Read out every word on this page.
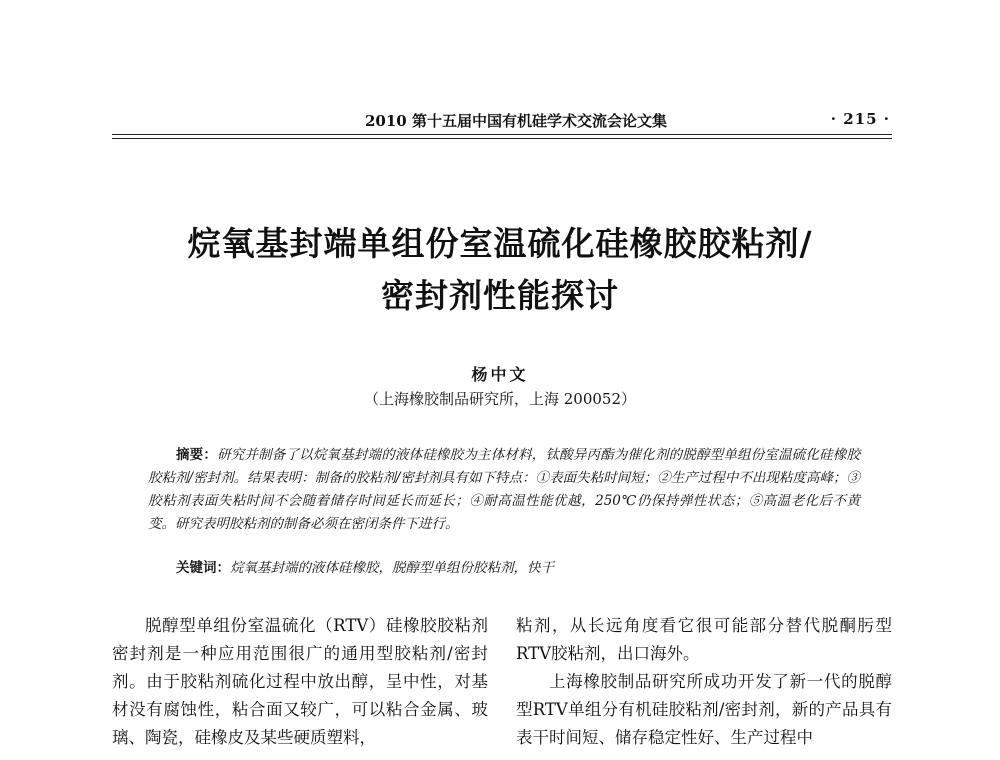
2010 第十五届中国有机硅学术交流会论文集	· 215 ·
烷氧基封端单组份室温硫化硅橡胶胶粘剂/
密封剂性能探讨
杨中文
（上海橡胶制品研究所，上海 200052）
摘要：研究并制备了以烷氧基封端的液体硅橡胶为主体材料，钛酸异丙酯为催化剂的脱醇型单组份室温硫化硅橡胶胶粘剂/密封剂。结果表明：制备的胶粘剂/密封剂具有如下特点：①表面失粘时间短；②生产过程中不出现粘度高峰；③胶粘剂表面失粘时间不会随着储存时间延长而延长；④耐高温性能优越，250℃仍保持弹性状态；⑤高温老化后不黄变。研究表明胶粘剂的制备必须在密闭条件下进行。
关键词：烷氧基封端的液体硅橡胶，脱醇型单组份胶粘剂，快干

脱醇型单组份室温硫化（RTV）硅橡胶胶粘剂密封剂是一种应用范围很广的通用型胶粘剂/密封剂。由于胶粘剂硫化过程中放出醇，呈中性，对基材没有腐蚀性，粘合面又较广，可以粘合金属、玻璃、陶瓷，硅橡皮及某些硬质塑料，

粘剂，从长远角度看它很可能部分替代脱酮肟型RTV胶粘剂，出口海外。

上海橡胶制品研究所成功开发了新一代的脱醇型RTV单组分有机硅胶粘剂/密封剂，新的产品具有表干时间短、储存稳定性好、生产过程中
